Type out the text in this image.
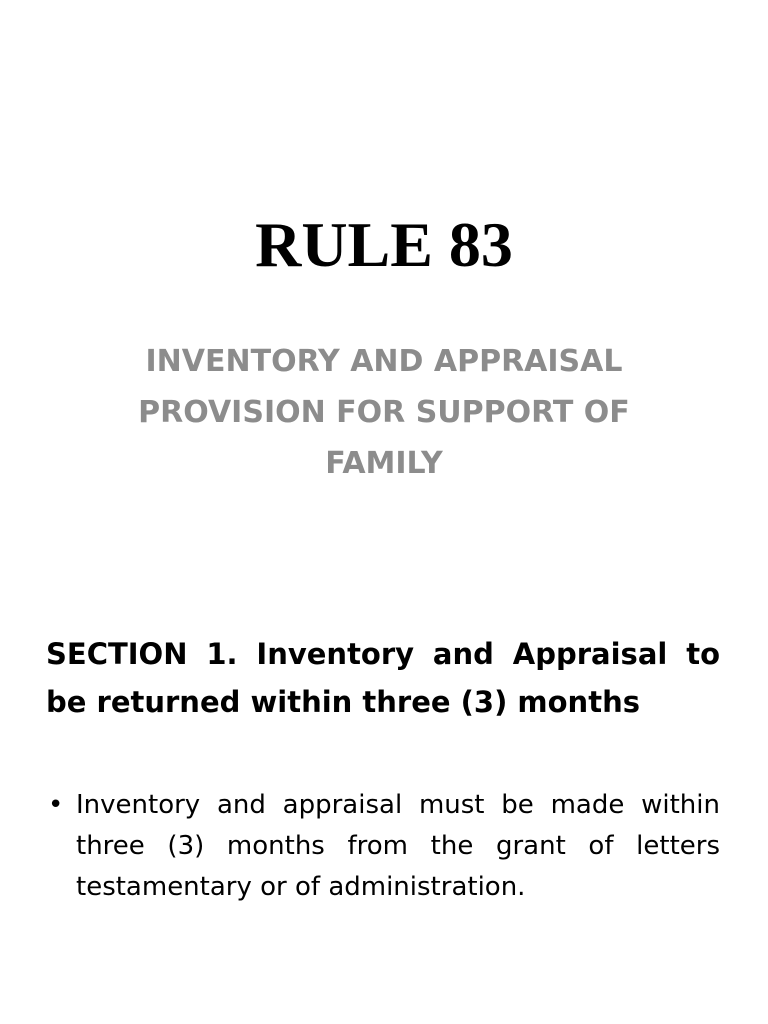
RULE 83

INVENTORY AND APPRAISAL PROVISION FOR SUPPORT OF FAMILY

SECTION 1. Inventory and Appraisal to be returned within three (3) months
• Inventory and appraisal must be made within three (3) months from the grant of letters testamentary or of administration.
